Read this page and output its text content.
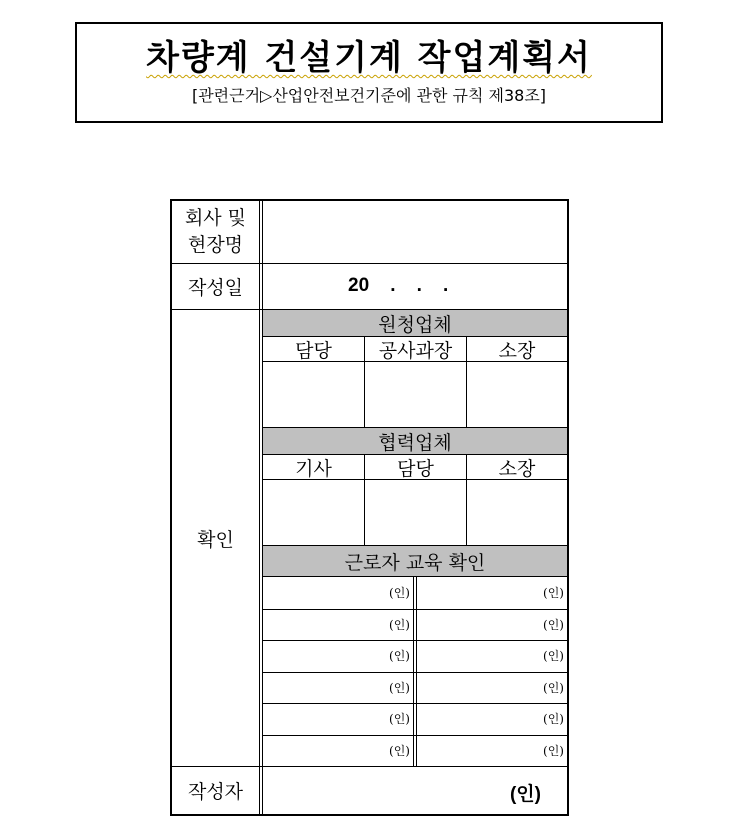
차량계 건설기계 작업계획서
[관련근거▷산업안전보건기준에 관한 규칙 제38조]
회사 및
현장명
작성일	20    .    .    .
확인
원청업체
담당	공사과장	소장
협력업체
기사	담당	소장
근로자 교육 확인
(인)	(인)
(인)	(인)
(인)	(인)
(인)	(인)
(인)	(인)
(인)	(인)
작성자	(인)
